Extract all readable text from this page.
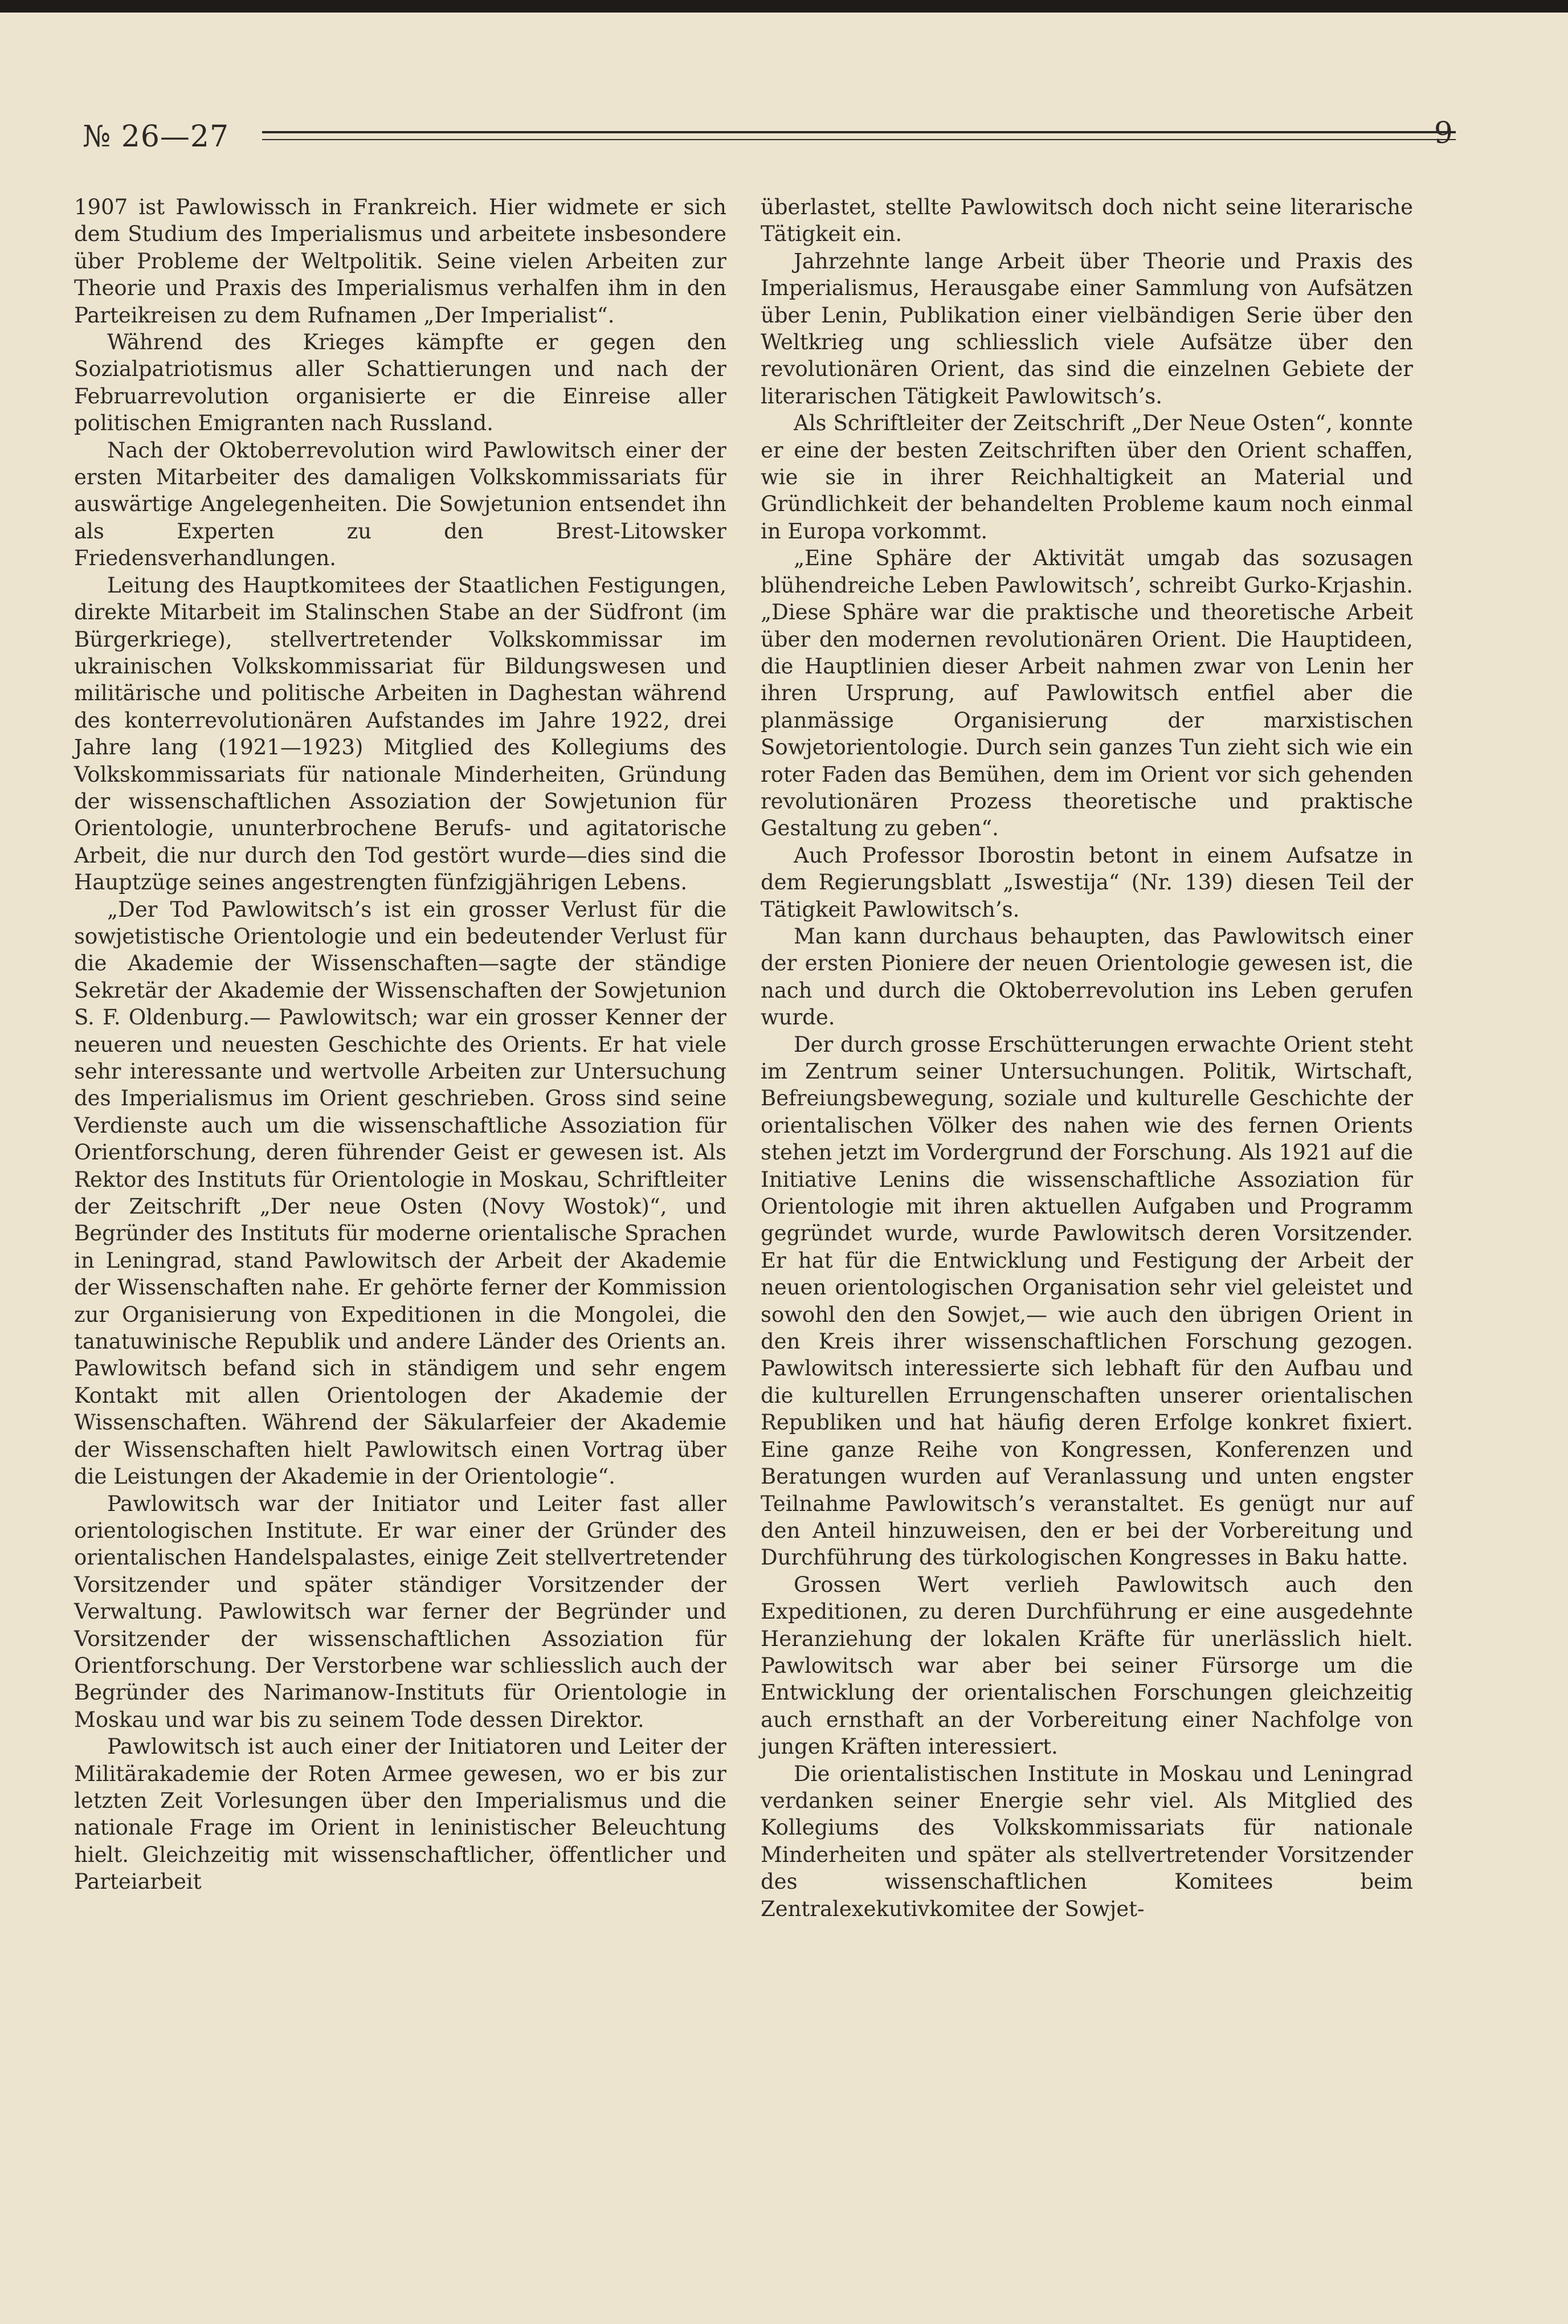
№ 26—27	9

1907 ist Pawlowissch in Frankreich. Hier widmete er sich dem Studium des Imperialismus und arbeitete insbesondere über Probleme der Weltpolitik. Seine vielen Arbeiten zur Theorie und Praxis des Imperialismus verhalfen ihm in den Parteikreisen zu dem Rufnamen „Der Imperialist“.

Während des Krieges kämpfte er gegen den Sozialpatriotismus aller Schattierungen und nach der Februarrevolution organisierte er die Einreise aller politischen Emigranten nach Russland.

Nach der Oktoberrevolution wird Pawlowitsch einer der ersten Mitarbeiter des damaligen Volkskommissariats für auswärtige Angelegenheiten. Die Sowjetunion entsendet ihn als Experten zu den Brest-Litowsker Friedensverhandlungen.

Leitung des Hauptkomitees der Staatlichen Festigungen, direkte Mitarbeit im Stalinschen Stabe an der Südfront (im Bürgerkriege), stellvertretender Volkskommissar im ukrainischen Volkskommissariat für Bildungswesen und militärische und politische Arbeiten in Daghestan während des konterrevolutionären Aufstandes im Jahre 1922, drei Jahre lang (1921—1923) Mitglied des Kollegiums des Volkskommissariats für nationale Minderheiten, Gründung der wissenschaftlichen Assoziation der Sowjetunion für Orientologie, ununterbrochene Berufs- und agitatorische Arbeit, die nur durch den Tod gestört wurde—dies sind die Hauptzüge seines angestrengten fünfzigjährigen Lebens.

„Der Tod Pawlowitsch’s ist ein grosser Verlust für die sowjetistische Orientologie und ein bedeutender Verlust für die Akademie der Wissenschaften—sagte der ständige Sekretär der Akademie der Wissenschaften der Sowjetunion S. F. Oldenburg.— Pawlowitsch; war ein grosser Kenner der neueren und neuesten Geschichte des Orients. Er hat viele sehr interessante und wertvolle Arbeiten zur Untersuchung des Imperialismus im Orient geschrieben. Gross sind seine Verdienste auch um die wissenschaftliche Assoziation für Orientforschung, deren führender Geist er gewesen ist. Als Rektor des Instituts für Orientologie in Moskau, Schriftleiter der Zeitschrift „Der neue Osten (Novy Wostok)“, und Begründer des Instituts für moderne orientalische Sprachen in Leningrad, stand Pawlowitsch der Arbeit der Akademie der Wissenschaften nahe. Er gehörte ferner der Kommission zur Organisierung von Expeditionen in die Mongolei, die tanatuwinische Republik und andere Länder des Orients an. Pawlowitsch befand sich in ständigem und sehr engem Kontakt mit allen Orientologen der Akademie der Wissenschaften. Während der Säkularfeier der Akademie der Wissenschaften hielt Pawlowitsch einen Vortrag über die Leistungen der Akademie in der Orientologie“.

Pawlowitsch war der Initiator und Leiter fast aller orientologischen Institute. Er war einer der Gründer des orientalischen Handelspalastes, einige Zeit stellvertretender Vorsitzender und später ständiger Vorsitzender der Verwaltung. Pawlowitsch war ferner der Begründer und Vorsitzender der wissenschaftlichen Assoziation für Orientforschung. Der Verstorbene war schliesslich auch der Begründer des Narimanow-Instituts für Orientologie in Moskau und war bis zu seinem Tode dessen Direktor.

Pawlowitsch ist auch einer der Initiatoren und Leiter der Militärakademie der Roten Armee gewesen, wo er bis zur letzten Zeit Vorlesungen über den Imperialismus und die nationale Frage im Orient in leninistischer Beleuchtung hielt. Gleichzeitig mit wissenschaftlicher, öffentlicher und Parteiarbeit

überlastet, stellte Pawlowitsch doch nicht seine literarische Tätigkeit ein.

Jahrzehnte lange Arbeit über Theorie und Praxis des Imperialismus, Herausgabe einer Sammlung von Aufsätzen über Lenin, Publikation einer vielbändigen Serie über den Weltkrieg ung schliesslich viele Aufsätze über den revolutionären Orient, das sind die einzelnen Gebiete der literarischen Tätigkeit Pawlowitsch’s.

Als Schriftleiter der Zeitschrift „Der Neue Osten“, konnte er eine der besten Zeitschriften über den Orient schaffen, wie sie in ihrer Reichhaltigkeit an Material und Gründlichkeit der behandelten Probleme kaum noch einmal in Europa vorkommt.

„Eine Sphäre der Aktivität umgab das sozusagen blühendreiche Leben Pawlowitsch’, schreibt Gurko-Krjashin. „Diese Sphäre war die praktische und theoretische Arbeit über den modernen revolutionären Orient. Die Hauptideen, die Hauptlinien dieser Arbeit nahmen zwar von Lenin her ihren Ursprung, auf Pawlowitsch entfiel aber die planmässige Organisierung der marxistischen Sowjetorientologie. Durch sein ganzes Tun zieht sich wie ein roter Faden das Bemühen, dem im Orient vor sich gehenden revolutionären Prozess theoretische und praktische Gestaltung zu geben“.

Auch Professor Iborostin betont in einem Aufsatze in dem Regierungsblatt „Iswestija“ (Nr. 139) diesen Teil der Tätigkeit Pawlowitsch’s.

Man kann durchaus behaupten, das Pawlowitsch einer der ersten Pioniere der neuen Orientologie gewesen ist, die nach und durch die Oktoberrevolution ins Leben gerufen wurde.

Der durch grosse Erschütterungen erwachte Orient steht im Zentrum seiner Untersuchungen. Politik, Wirtschaft, Befreiungsbewegung, soziale und kulturelle Geschichte der orientalischen Völker des nahen wie des fernen Orients stehen jetzt im Vordergrund der Forschung. Als 1921 auf die Initiative Lenins die wissenschaftliche Assoziation für Orientologie mit ihren aktuellen Aufgaben und Programm gegründet wurde, wurde Pawlowitsch deren Vorsitzender. Er hat für die Entwicklung und Festigung der Arbeit der neuen orientologischen Organisation sehr viel geleistet und sowohl den den Sowjet,— wie auch den übrigen Orient in den Kreis ihrer wissenschaftlichen Forschung gezogen. Pawlowitsch interessierte sich lebhaft für den Aufbau und die kulturellen Errungenschaften unserer orientalischen Republiken und hat häufig deren Erfolge konkret fixiert. Eine ganze Reihe von Kongressen, Konferenzen und Beratungen wurden auf Veranlassung und unten engster Teilnahme Pawlowitsch’s veranstaltet. Es genügt nur auf den Anteil hinzuweisen, den er bei der Vorbereitung und Durchführung des türkologischen Kongresses in Baku hatte.

Grossen Wert verlieh Pawlowitsch auch den Expeditionen, zu deren Durchführung er eine ausgedehnte Heranziehung der lokalen Kräfte für unerlässlich hielt. Pawlowitsch war aber bei seiner Fürsorge um die Entwicklung der orientalischen Forschungen gleichzeitig auch ernsthaft an der Vorbereitung einer Nachfolge von jungen Kräften interessiert.

Die orientalistischen Institute in Moskau und Leningrad verdanken seiner Energie sehr viel. Als Mitglied des Kollegiums des Volkskommissariats für nationale Minderheiten und später als stellvertretender Vorsitzender des wissenschaftlichen Komitees beim Zentralexekutivkomitee der Sowjet-
